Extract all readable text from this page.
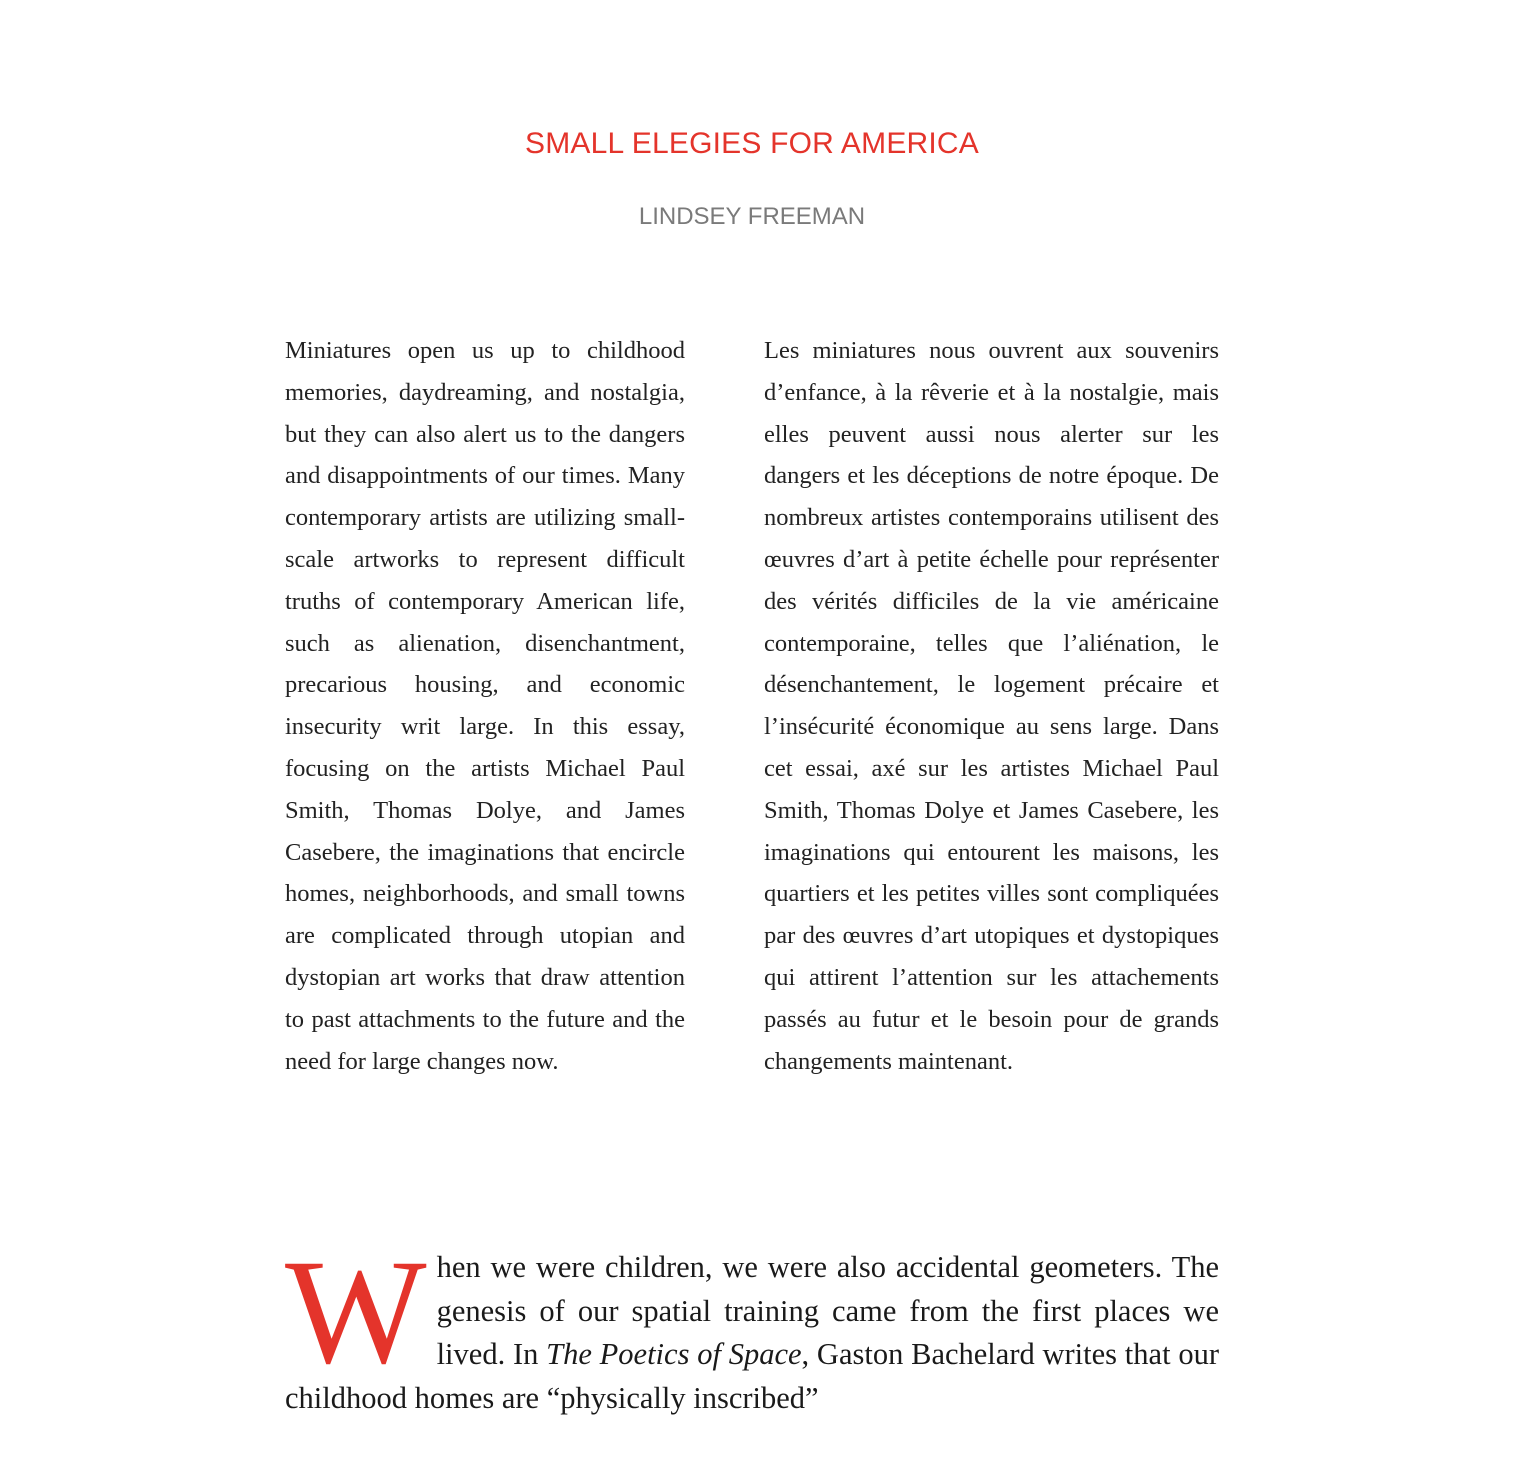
SMALL ELEGIES FOR AMERICA
LINDSEY FREEMAN

Miniatures open us up to childhood memories, daydreaming, and nostalgia, but they can also alert us to the dangers and disappointments of our times. Many contemporary artists are utilizing small-scale artworks to represent difficult truths of contemporary American life, such as alienation, disenchantment, precarious housing, and economic insecurity writ large. In this essay, focusing on the artists Michael Paul Smith, Thomas Dolye, and James Casebere, the imaginations that encircle homes, neighborhoods, and small towns are complicated through utopian and dystopian art works that draw attention to past attachments to the future and the need for large changes now.

Les miniatures nous ouvrent aux souvenirs d’enfance, à la rêverie et à la nostalgie, mais elles peuvent aussi nous alerter sur les dangers et les déceptions de notre époque. De nombreux artistes contemporains utilisent des œuvres d’art à petite échelle pour représenter des vérités difficiles de la vie américaine contemporaine, telles que l’aliénation, le désenchantement, le logement précaire et l’insécurité économique au sens large. Dans cet essai, axé sur les artistes Michael Paul Smith, Thomas Dolye et James Casebere, les imaginations qui entourent les maisons, les quartiers et les petites villes sont compliquées par des œuvres d’art utopiques et dystopiques qui attirent l’attention sur les attachements passés au futur et le besoin pour de grands changements maintenant.

W hen we were children, we were also accidental geometers. The genesis of our spatial training came from the first places we lived. In The Poetics of Space, Gaston Bachelard writes that our childhood homes are “physically inscribed”
